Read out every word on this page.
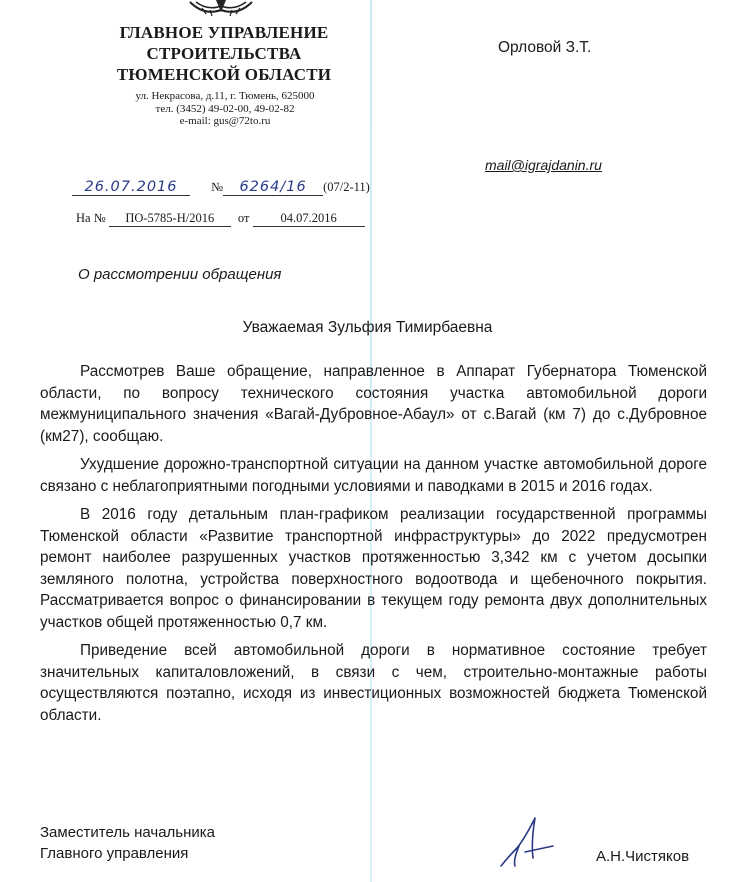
ГЛАВНОЕ УПРАВЛЕНИЕ
СТРОИТЕЛЬСТВА
ТЮМЕНСКОЙ ОБЛАСТИ
ул. Некрасова, д.11, г. Тюмень, 625000
тел. (3452) 49-02-00, 49-02-82
e-mail: gus@72to.ru
Орловой З.Т.
mail@igrajdanin.ru
26.07.2016	№ 6264/16 (07/2-11)
На № ПО-5785-Н/2016 от 04.07.2016
О рассмотрении обращения
Уважаемая Зульфия Тимирбаевна

Рассмотрев Ваше обращение, направленное в Аппарат Губернатора Тюменской области, по вопросу технического состояния участка автомобильной дороги межмуниципального значения «Вагай-Дубровное-Абаул» от с.Вагай (км 7) до с.Дубровное (км27), сообщаю.

Ухудшение дорожно-транспортной ситуации на данном участке автомобильной дороге связано с неблагоприятными погодными условиями и паводками в 2015 и 2016 годах.

В 2016 году детальным план-графиком реализации государственной программы Тюменской области «Развитие транспортной инфраструктуры» до 2022 предусмотрен ремонт наиболее разрушенных участков протяженностью 3,342 км с учетом досыпки земляного полотна, устройства поверхностного водоотвода и щебеночного покрытия. Рассматривается вопрос о финансировании в текущем году ремонта двух дополнительных участков общей протяженностью 0,7 км.

Приведение всей автомобильной дороги в нормативное состояние требует значительных капиталовложений, в связи с чем, строительно-монтажные работы осуществляются поэтапно, исходя из инвестиционных возможностей бюджета Тюменской области.

Заместитель начальника
Главного управления	А.Н.Чистяков
